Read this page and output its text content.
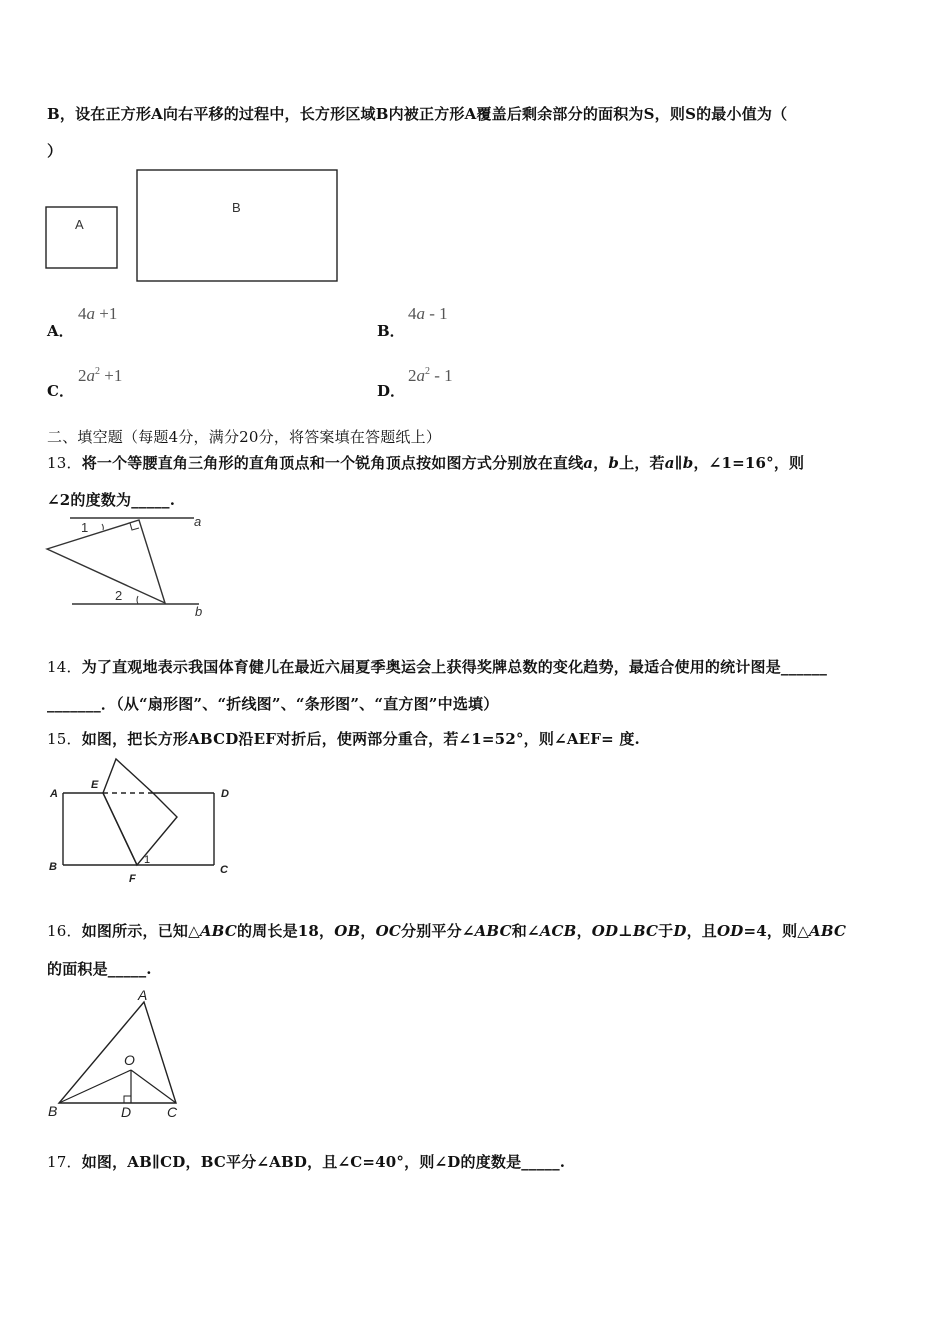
B，设在正方形A向右平移的过程中，长方形区域B内被正方形A覆盖后剩余部分的面积为S，则S的最小值为（
）
A
B
A．
4a +1
B．
4a - 1
C．
$2a^2 +1$
D．
$2a^2 - 1$
二、填空题（每题4分，满分20分，将答案填在答题纸上）
13．将一个等腰直角三角形的直角顶点和一个锐角顶点按如图方式分别放在直线a，b上，若a∥b，∠1=16°，则
∠2的度数为_____.
1
2
a
b
14．为了直观地表示我国体育健儿在最近六届夏季奥运会上获得奖牌总数的变化趋势，最适合使用的统计图是______
_______．（从“扇形图”、“折线图”、“条形图”、“直方图”中选填）
15．如图，把长方形ABCD沿EF对折后，使两部分重合，若∠1=52°，则∠AEF= 度.
A
E
D
B	C
F
1
16．如图所示，已知△ABC的周长是18，OB，OC分别平分∠ABC和∠ACB，OD⊥BC于D，且OD=4，则△ABC
的面积是_____.
A
O
B	D	C
17．如图，AB∥CD，BC平分∠ABD，且∠C=40°，则∠D的度数是_____.
